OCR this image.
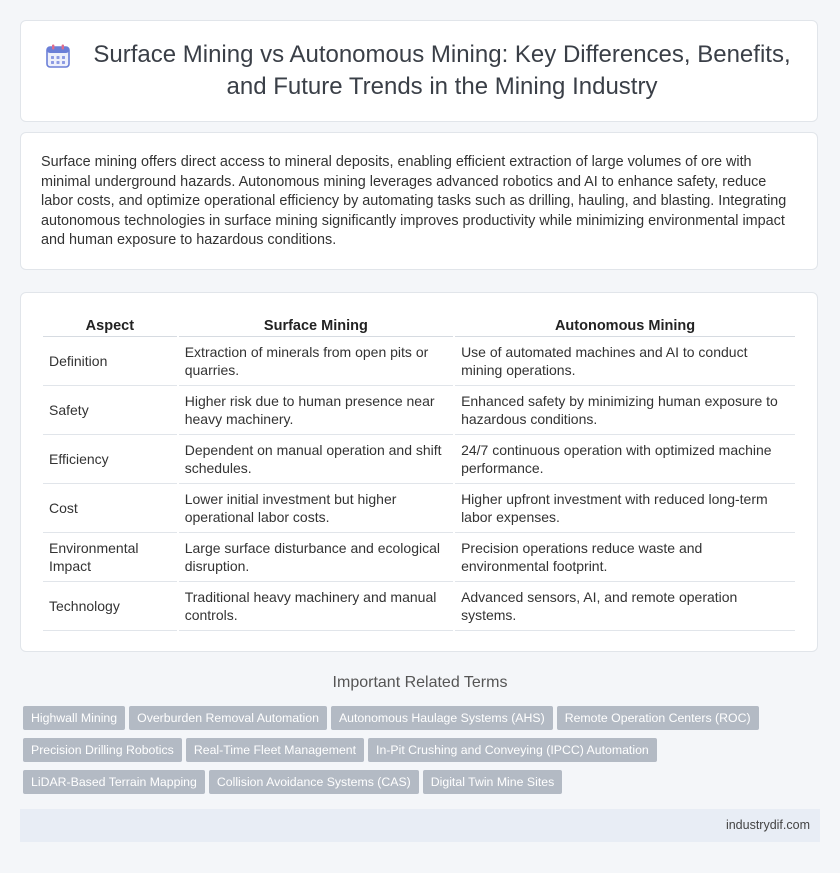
Surface Mining vs Autonomous Mining: Key Differences, Benefits, and Future Trends in the Mining Industry

Surface mining offers direct access to mineral deposits, enabling efficient extraction of large volumes of ore with minimal underground hazards. Autonomous mining leverages advanced robotics and AI to enhance safety, reduce labor costs, and optimize operational efficiency by automating tasks such as drilling, hauling, and blasting. Integrating autonomous technologies in surface mining significantly improves productivity while minimizing environmental impact and human exposure to hazardous conditions.

Aspect	Surface Mining	Autonomous Mining
Definition	Extraction of minerals from open pits or quarries.	Use of automated machines and AI to conduct mining operations.
Safety	Higher risk due to human presence near heavy machinery.	Enhanced safety by minimizing human exposure to hazardous conditions.
Efficiency	Dependent on manual operation and shift schedules.	24/7 continuous operation with optimized machine performance.
Cost	Lower initial investment but higher operational labor costs.	Higher upfront investment with reduced long-term labor expenses.
Environmental Impact	Large surface disturbance and ecological disruption.	Precision operations reduce waste and environmental footprint.
Technology	Traditional heavy machinery and manual controls.	Advanced sensors, AI, and remote operation systems.
Important Related Terms
Highwall Mining Overburden Removal Automation Autonomous Haulage Systems (AHS) Remote Operation Centers (ROC)
Precision Drilling Robotics Real-Time Fleet Management In-Pit Crushing and Conveying (IPCC) Automation
LiDAR-Based Terrain Mapping Collision Avoidance Systems (CAS) Digital Twin Mine Sites
industrydif.com
